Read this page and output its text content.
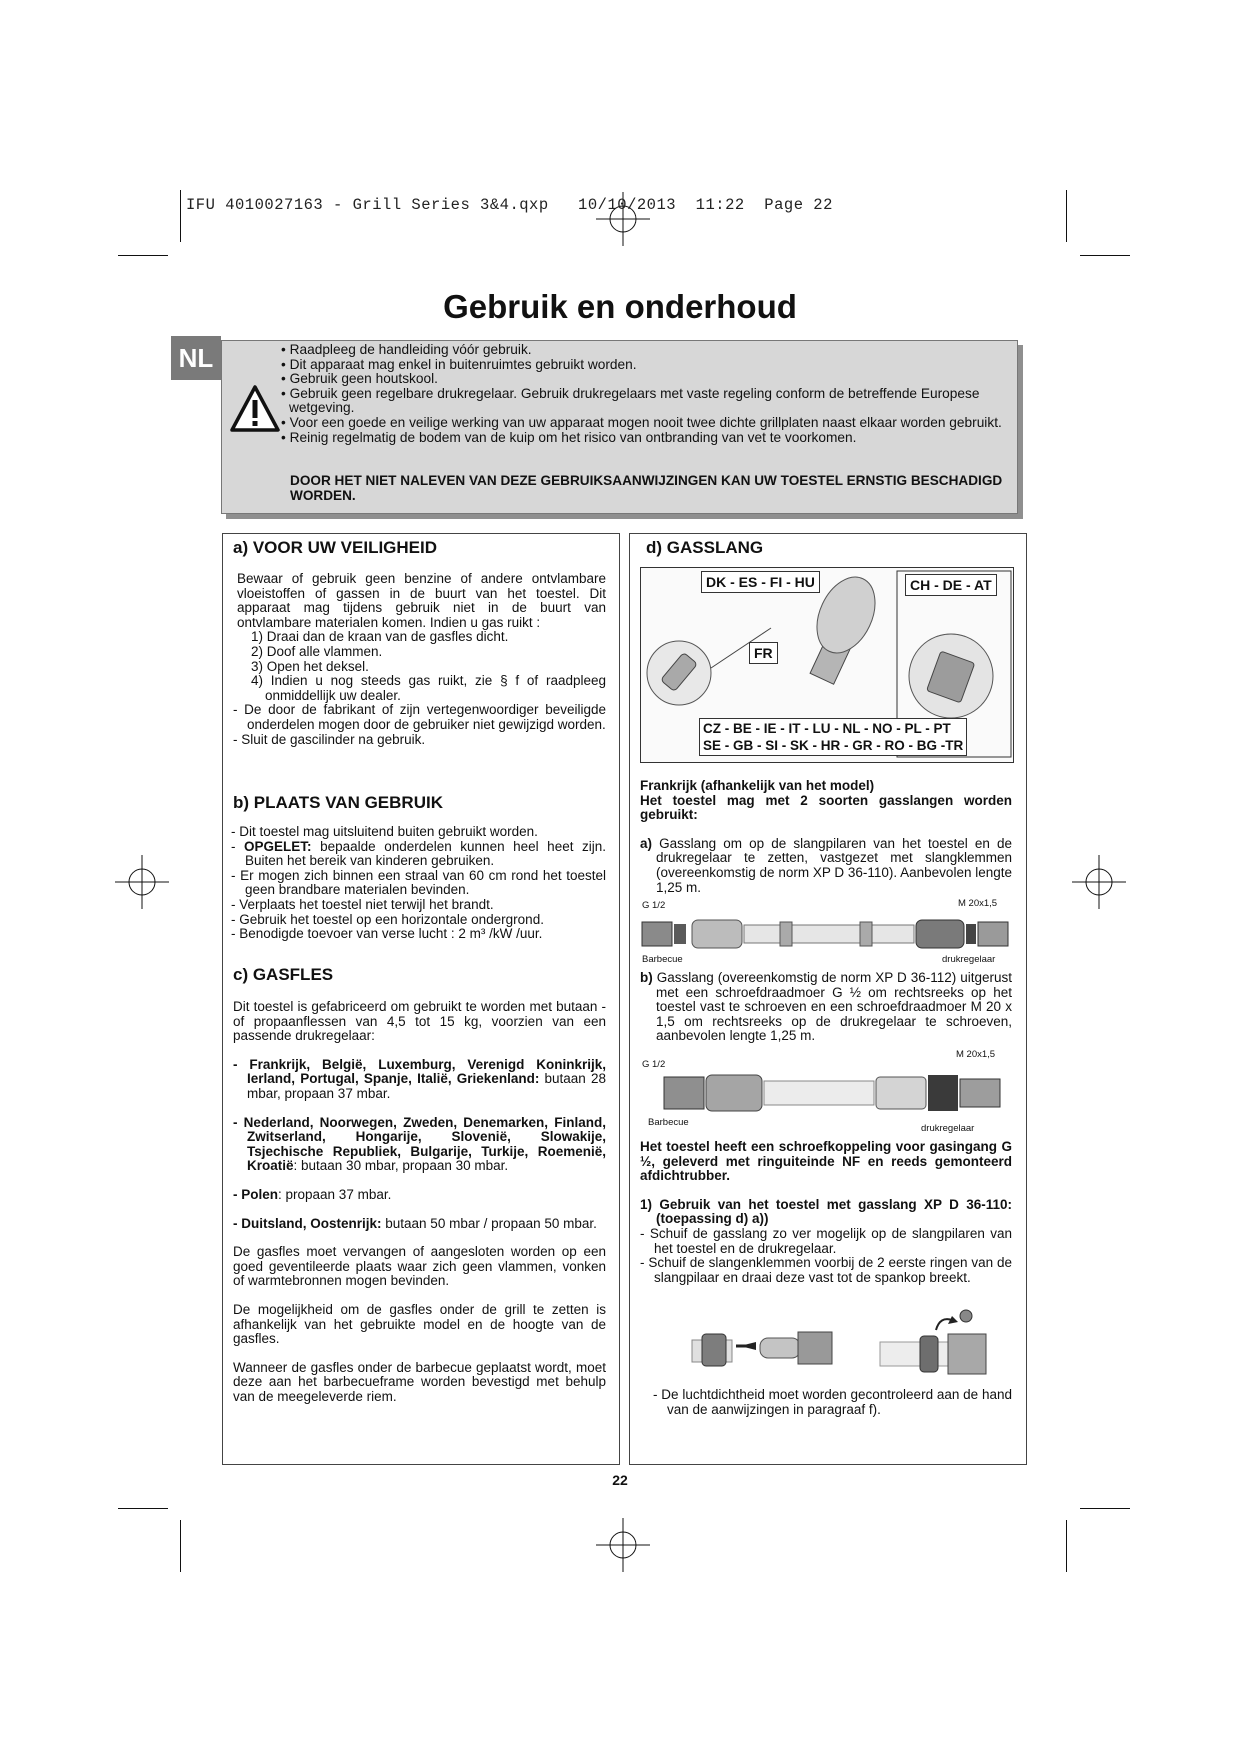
IFU 4010027163 - Grill Series 3&4.qxp   10/10/2013  11:22  Page 22
Gebruik en onderhoud
NL	• Raadpleeg de handleiding vóór gebruik.
• Dit apparaat mag enkel in buitenruimtes gebruikt worden.
• Gebruik geen houtskool.
• Gebruik geen regelbare drukregelaar. Gebruik drukregelaars met vaste regeling conform de betreffende Europese wetgeving.
• Voor een goede en veilige werking van uw apparaat mogen nooit twee dichte grillplaten naast elkaar worden gebruikt.
• Reinig regelmatig de bodem van de kuip om het risico van ontbranding van vet te voorkomen.
DOOR HET NIET NALEVEN VAN DEZE GEBRUIKSAANWIJZINGEN KAN UW TOESTEL ERNSTIG BESCHADIGD WORDEN.
a) VOOR UW VEILIGHEID

Bewaar of gebruik geen benzine of andere ontvlambare vloeistoffen of gassen in de buurt van het toestel. Dit apparaat mag tijdens gebruik niet in de buurt van ontvlambare materialen komen. Indien u gas ruikt :

1) Draai dan de kraan van de gasfles dicht.

2) Doof alle vlammen.

3) Open het deksel.

4) Indien u nog steeds gas ruikt, zie § f of raadpleeg onmiddellijk uw dealer.

- De door de fabrikant of zijn vertegenwoordiger beveiligde onderdelen mogen door de gebruiker niet gewijzigd worden.

- Sluit de gascilinder na gebruik.

b) PLAATS VAN GEBRUIK

- Dit toestel mag uitsluitend buiten gebruikt worden.

- OPGELET: bepaalde onderdelen kunnen heel heet zijn. Buiten het bereik van kinderen gebruiken.

- Er mogen zich binnen een straal van 60 cm rond het toestel geen brandbare materialen bevinden.

- Verplaats het toestel niet terwijl het brandt.

- Gebruik het toestel op een horizontale ondergrond.

- Benodigde toevoer van verse lucht : 2 m³ /kW /uur.

c) GASFLES

Dit toestel is gefabriceerd om gebruikt te worden met butaan - of propaanflessen van 4,5 tot 15 kg, voorzien van een passende drukregelaar:

- Frankrijk, België, Luxemburg, Verenigd Koninkrijk, Ierland, Portugal, Spanje, Italië, Griekenland: butaan 28 mbar, propaan 37 mbar.

- Nederland, Noorwegen, Zweden, Denemarken, Finland, Zwitserland, Hongarije, Slovenië, Slowakije, Tsjechische Republiek, Bulgarije, Turkije, Roemenië, Kroatië: butaan 30 mbar, propaan 30 mbar.

- Polen: propaan 37 mbar.

- Duitsland, Oostenrijk: butaan 50 mbar / propaan 50 mbar.

De gasfles moet vervangen of aangesloten worden op een goed geventileerde plaats waar zich geen vlammen, vonken of warmtebronnen mogen bevinden.

De mogelijkheid om de gasfles onder de grill te zetten is afhankelijk van het gebruikte model en de hoogte van de gasfles.

Wanneer de gasfles onder de barbecue geplaatst wordt, moet deze aan het barbecueframe worden bevestigd met behulp van de meegeleverde riem.

d) GASSLANG
DK - ES - FI - HU	CH - DE - AT
FR
CZ - BE - IE - IT - LU - NL - NO - PL - PT
SE - GB - SI - SK - HR - GR - RO - BG -TR

Frankrijk (afhankelijk van het model)
Het toestel mag met 2 soorten gasslangen worden gebruikt:

a) Gasslang om op de slangpilaren van het toestel en de drukregelaar te zetten, vastgezet met slangklemmen (overeenkomstig de norm XP D 36-110). Aanbevolen lengte 1,25 m.

G 1/2	M 20x1,5
Barbecue	drukregelaar

b) Gasslang (overeenkomstig de norm XP D 36-112) uitgerust met een schroefdraadmoer G ½ om rechtsreeks op het toestel vast te schroeven en een schroefdraadmoer M 20 x 1,5 om rechtsreeks op de drukregelaar te schroeven, aanbevolen lengte 1,25 m.

G 1/2
M 20x1,5
Barbecue
drukregelaar

Het toestel heeft een schroefkoppeling voor gasingang G ½, geleverd met ringuiteinde NF en reeds gemonteerd afdichtrubber.

1) Gebruik van het toestel met gasslang XP D 36-110: (toepassing d) a))

- Schuif de gasslang zo ver mogelijk op de slangpilaren van het toestel en de drukregelaar.

- Schuif de slangenklemmen voorbij de 2 eerste ringen van de slangpilaar en draai deze vast tot de spankop breekt.

- De luchtdichtheid moet worden gecontroleerd aan de hand van de aanwijzingen in paragraaf f).

22
